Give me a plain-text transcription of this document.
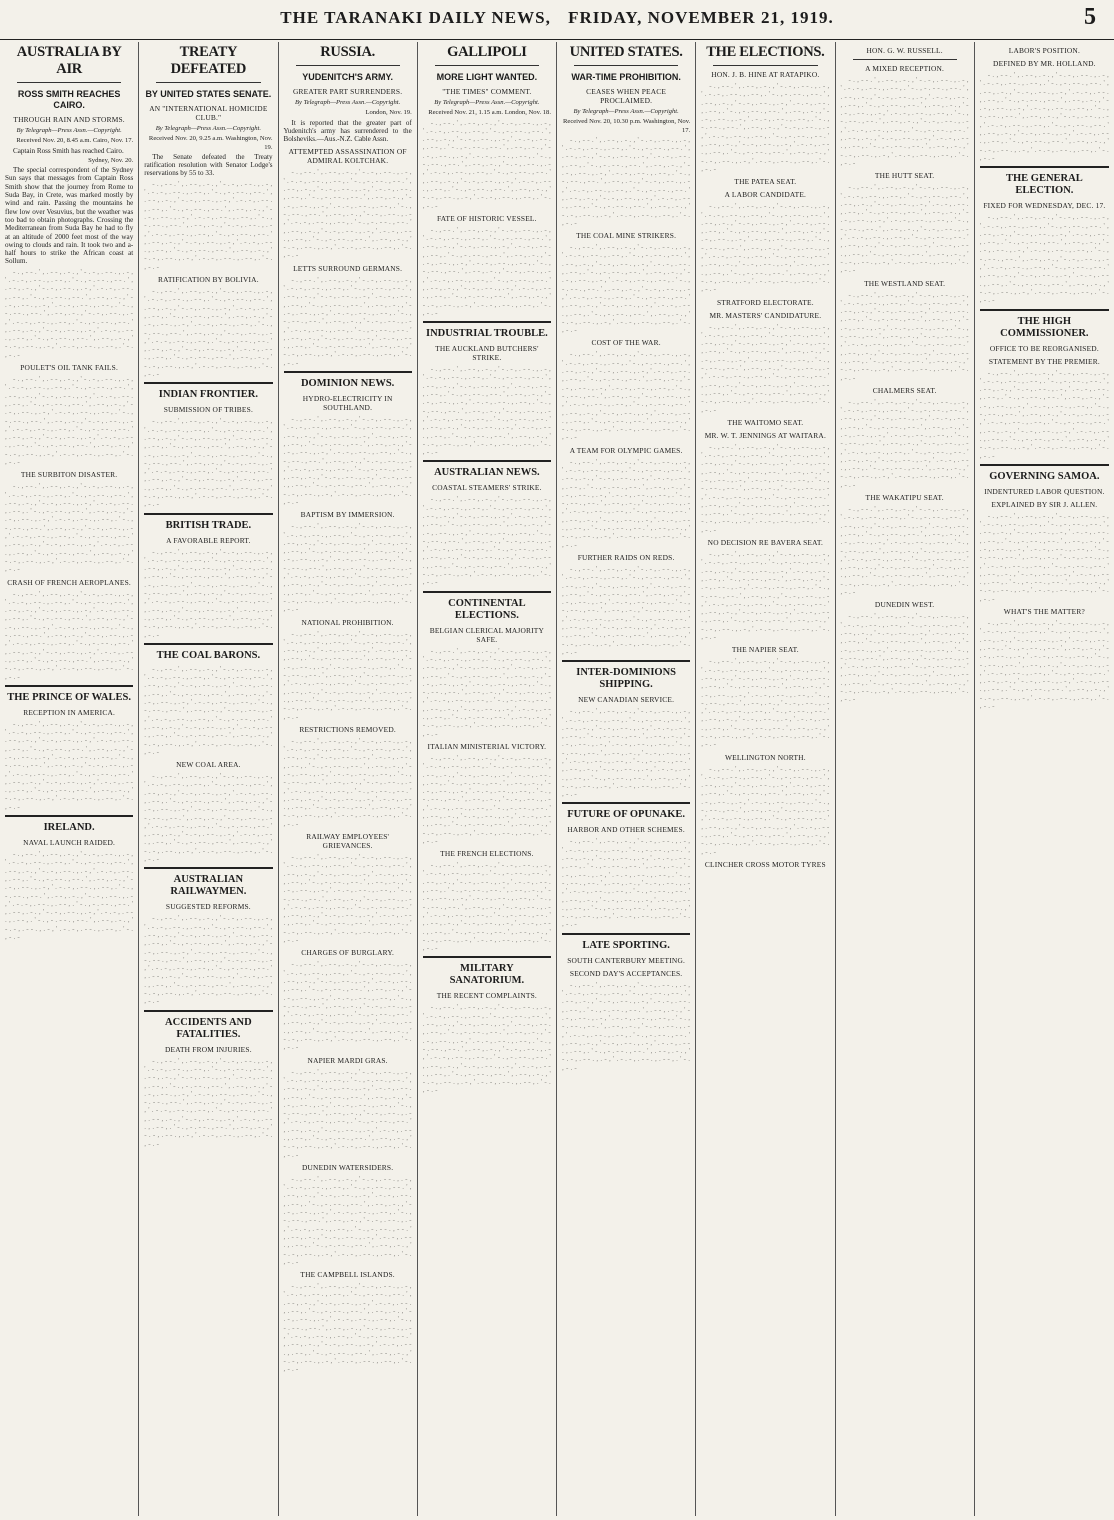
THE TARANAKI DAILY NEWS, FRIDAY, NOVEMBER 21, 1919.	5
AUSTRALIA BY AIR
ROSS SMITH REACHES CAIRO.
THROUGH RAIN AND STORMS.
By Telegraph—Press Assn.—Copyright.
Received Nov. 20, 8.45 a.m. Cairo, Nov. 17.
Captain Ross Smith has reached Cairo.
Sydney, Nov. 20.
The special correspondent of the Sydney Sun says that messages from Captain Ross Smith show that the journey from Rome to Suda Bay, in Crete, was marked mostly by wind and rain. Passing the mountains he flew low over Vesuvius, but the weather was too bad to obtain photographs. Crossing the Mediterranean from Suda Bay he had to fly at an altitude of 2000 feet most of the way owing to clouds and rain. It took two and a-half hours to strike the African coast at Sollum.
- . , - - . ' , . - - , . - . , ' - . - , . - - . , . - , ' . - . - , . - - . , . - - , . ' - . , - . - - . , - - . ' , . - - , . - . , ' - . - , . - - . , . - , ' . - . - , . - - . , . - - , . ' - . , - . - - . , - - . ' , . - - , . - . , ' - . - , . - - . , . - , ' . - . - , . - - . , . - - , . ' - . , - . - - . , - - . ' , . - - , . - . , ' - . - , . - - . , . - , ' . - . - , . - - . , . - - , . ' - . , - . - - . , - - . ' , . - - , . - . , ' - . - , . - - . , . - , ' . - . - , . - - . , . - - , . ' - . , - . - - . , - - . ' , . - - , . - . , ' - . - , . - - . , . - , ' . - . - , . - - . , . - - , . ' - . , - . -
POULET'S OIL TANK FAILS.
- . , - - . ' , . - - , . - . , ' - . - , . - - . , . - , ' . - . - , . - - . , . - - , . ' - . , - . - - . , - - . ' , . - - , . - . , ' - . - , . - - . , . - , ' . - . - , . - - . , . - - , . ' - . , - . - - . , - - . ' , . - - , . - . , ' - . - , . - - . , . - , ' . - . - , . - - . , . - - , . ' - . , - . - - . , - - . ' , . - - , . - . , ' - . - , . - - . , . - , ' . - . - , . - - . , . - - , . ' - . , - . - - . , - - . ' , . - - , . - . , ' - . - , . - - . , . - , ' . - . - , . - - . , . - - , . ' - . , - . - - . , - - . ' , . - - , . - . , ' - . - , . - - . , . - , ' . - . - , . - - . , . - - , . ' - . , - . -
THE SURBITON DISASTER.
- . , - - . ' , . - - , . - . , ' - . - , . - - . , . - , ' . - . - , . - - . , . - - , . ' - . , - . - - . , - - . ' , . - - , . - . , ' - . - , . - - . , . - , ' . - . - , . - - . , . - - , . ' - . , - . - - . , - - . ' , . - - , . - . , ' - . - , . - - . , . - , ' . - . - , . - - . , . - - , . ' - . , - . - - . , - - . ' , . - - , . - . , ' - . - , . - - . , . - , ' . - . - , . - - . , . - - , . ' - . , - . - - . , - - . ' , . - - , . - . , ' - . - , . - - . , . - , ' . - . - , . - - . , . - - , . ' - . , - . - - . , - - . ' , . - - , . - . , ' - . - , . - - . , . - , ' . - . - , . - - . , . - - , . ' - . , - . -
CRASH OF FRENCH AEROPLANES.
- . , - - . ' , . - - , . - . , ' - . - , . - - . , . - , ' . - . - , . - - . , . - - , . ' - . , - . - - . , - - . ' , . - - , . - . , ' - . - , . - - . , . - , ' . - . - , . - - . , . - - , . ' - . , - . - - . , - - . ' , . - - , . - . , ' - . - , . - - . , . - , ' . - . - , . - - . , . - - , . ' - . , - . - - . , - - . ' , . - - , . - . , ' - . - , . - - . , . - , ' . - . - , . - - . , . - - , . ' - . , - . - - . , - - . ' , . - - , . - . , ' - . - , . - - . , . - , ' . - . - , . - - . , . - - , . ' - . , - . - - . , - - . ' , . - - , . - . , ' - . - , . - - . , . - , ' . - . - , . - - . , . - - , . ' - . , - . -
THE PRINCE OF WALES.
RECEPTION IN AMERICA.
- . , - - . ' , . - - , . - . , ' - . - , . - - . , . - , ' . - . - , . - - . , . - - , . ' - . , - . - - . , - - . ' , . - - , . - . , ' - . - , . - - . , . - , ' . - . - , . - - . , . - - , . ' - . , - . - - . , - - . ' , . - - , . - . , ' - . - , . - - . , . - , ' . - . - , . - - . , . - - , . ' - . , - . - - . , - - . ' , . - - , . - . , ' - . - , . - - . , . - , ' . - . - , . - - . , . - - , . ' - . , - . - - . , - - . ' , . - - , . - . , ' - . - , . - - . , . - , ' . - . - , . - - . , . - - , . ' - . , - . - - . , - - . ' , . - - , . - . , ' - . - , . - - . , . - , ' . - . - , . - - . , . - - , . ' - . , - . -
IRELAND.
NAVAL LAUNCH RAIDED.
- . , - - . ' , . - - , . - . , ' - . - , . - - . , . - , ' . - . - , . - - . , . - - , . ' - . , - . - - . , - - . ' , . - - , . - . , ' - . - , . - - . , . - , ' . - . - , . - - . , . - - , . ' - . , - . - - . , - - . ' , . - - , . - . , ' - . - , . - - . , . - , ' . - . - , . - - . , . - - , . ' - . , - . - - . , - - . ' , . - - , . - . , ' - . - , . - - . , . - , ' . - . - , . - - . , . - - , . ' - . , - . - - . , - - . ' , . - - , . - . , ' - . - , . - - . , . - , ' . - . - , . - - . , . - - , . ' - . , - . - - . , - - . ' , . - - , . - . , ' - . - , . - - . , . - , ' . - . - , . - - . , . - - , . ' - . , - . -
TREATY DEFEATED
BY UNITED STATES SENATE.
AN "INTERNATIONAL HOMICIDE CLUB."
By Telegraph—Press Assn.—Copyright.
Received Nov. 20, 9.25 a.m. Washington, Nov. 19.
The Senate defeated the Treaty ratification resolution with Senator Lodge's reservations by 55 to 33.
- . , - - . ' , . - - , . - . , ' - . - , . - - . , . - , ' . - . - , . - - . , . - - , . ' - . , - . - - . , - - . ' , . - - , . - . , ' - . - , . - - . , . - , ' . - . - , . - - . , . - - , . ' - . , - . - - . , - - . ' , . - - , . - . , ' - . - , . - - . , . - , ' . - . - , . - - . , . - - , . ' - . , - . - - . , - - . ' , . - - , . - . , ' - . - , . - - . , . - , ' . - . - , . - - . , . - - , . ' - . , - . - - . , - - . ' , . - - , . - . , ' - . - , . - - . , . - , ' . - . - , . - - . , . - - , . ' - . , - . - - . , - - . ' , . - - , . - . , ' - . - , . - - . , . - , ' . - . - , . - - . , . - - , . ' - . , - . -
RATIFICATION BY BOLIVIA.
- . , - - . ' , . - - , . - . , ' - . - , . - - . , . - , ' . - . - , . - - . , . - - , . ' - . , - . - - . , - - . ' , . - - , . - . , ' - . - , . - - . , . - , ' . - . - , . - - . , . - - , . ' - . , - . - - . , - - . ' , . - - , . - . , ' - . - , . - - . , . - , ' . - . - , . - - . , . - - , . ' - . , - . - - . , - - . ' , . - - , . - . , ' - . - , . - - . , . - , ' . - . - , . - - . , . - - , . ' - . , - . - - . , - - . ' , . - - , . - . , ' - . - , . - - . , . - , ' . - . - , . - - . , . - - , . ' - . , - . - - . , - - . ' , . - - , . - . , ' - . - , . - - . , . - , ' . - . - , . - - . , . - - , . ' - . , - . -
INDIAN FRONTIER.
SUBMISSION OF TRIBES.
- . , - - . ' , . - - , . - . , ' - . - , . - - . , . - , ' . - . - , . - - . , . - - , . ' - . , - . - - . , - - . ' , . - - , . - . , ' - . - , . - - . , . - , ' . - . - , . - - . , . - - , . ' - . , - . - - . , - - . ' , . - - , . - . , ' - . - , . - - . , . - , ' . - . - , . - - . , . - - , . ' - . , - . - - . , - - . ' , . - - , . - . , ' - . - , . - - . , . - , ' . - . - , . - - . , . - - , . ' - . , - . - - . , - - . ' , . - - , . - . , ' - . - , . - - . , . - , ' . - . - , . - - . , . - - , . ' - . , - . - - . , - - . ' , . - - , . - . , ' - . - , . - - . , . - , ' . - . - , . - - . , . - - , . ' - . , - . -
BRITISH TRADE.
A FAVORABLE REPORT.
- . , - - . ' , . - - , . - . , ' - . - , . - - . , . - , ' . - . - , . - - . , . - - , . ' - . , - . - - . , - - . ' , . - - , . - . , ' - . - , . - - . , . - , ' . - . - , . - - . , . - - , . ' - . , - . - - . , - - . ' , . - - , . - . , ' - . - , . - - . , . - , ' . - . - , . - - . , . - - , . ' - . , - . - - . , - - . ' , . - - , . - . , ' - . - , . - - . , . - , ' . - . - , . - - . , . - - , . ' - . , - . - - . , - - . ' , . - - , . - . , ' - . - , . - - . , . - , ' . - . - , . - - . , . - - , . ' - . , - . - - . , - - . ' , . - - , . - . , ' - . - , . - - . , . - , ' . - . - , . - - . , . - - , . ' - . , - . -
THE COAL BARONS.
- . , - - . ' , . - - , . - . , ' - . - , . - - . , . - , ' . - . - , . - - . , . - - , . ' - . , - . - - . , - - . ' , . - - , . - . , ' - . - , . - - . , . - , ' . - . - , . - - . , . - - , . ' - . , - . - - . , - - . ' , . - - , . - . , ' - . - , . - - . , . - , ' . - . - , . - - . , . - - , . ' - . , - . - - . , - - . ' , . - - , . - . , ' - . - , . - - . , . - , ' . - . - , . - - . , . - - , . ' - . , - . - - . , - - . ' , . - - , . - . , ' - . - , . - - . , . - , ' . - . - , . - - . , . - - , . ' - . , - . - - . , - - . ' , . - - , . - . , ' - . - , . - - . , . - , ' . - . - , . - - . , . - - , . ' - . , - . -
NEW COAL AREA.
- . , - - . ' , . - - , . - . , ' - . - , . - - . , . - , ' . - . - , . - - . , . - - , . ' - . , - . - - . , - - . ' , . - - , . - . , ' - . - , . - - . , . - , ' . - . - , . - - . , . - - , . ' - . , - . - - . , - - . ' , . - - , . - . , ' - . - , . - - . , . - , ' . - . - , . - - . , . - - , . ' - . , - . - - . , - - . ' , . - - , . - . , ' - . - , . - - . , . - , ' . - . - , . - - . , . - - , . ' - . , - . - - . , - - . ' , . - - , . - . , ' - . - , . - - . , . - , ' . - . - , . - - . , . - - , . ' - . , - . - - . , - - . ' , . - - , . - . , ' - . - , . - - . , . - , ' . - . - , . - - . , . - - , . ' - . , - . -
AUSTRALIAN RAILWAYMEN.
SUGGESTED REFORMS.
- . , - - . ' , . - - , . - . , ' - . - , . - - . , . - , ' . - . - , . - - . , . - - , . ' - . , - . - - . , - - . ' , . - - , . - . , ' - . - , . - - . , . - , ' . - . - , . - - . , . - - , . ' - . , - . - - . , - - . ' , . - - , . - . , ' - . - , . - - . , . - , ' . - . - , . - - . , . - - , . ' - . , - . - - . , - - . ' , . - - , . - . , ' - . - , . - - . , . - , ' . - . - , . - - . , . - - , . ' - . , - . - - . , - - . ' , . - - , . - . , ' - . - , . - - . , . - , ' . - . - , . - - . , . - - , . ' - . , - . - - . , - - . ' , . - - , . - . , ' - . - , . - - . , . - , ' . - . - , . - - . , . - - , . ' - . , - . -
ACCIDENTS AND FATALITIES.
DEATH FROM INJURIES.
- . , - - . ' , . - - , . - . , ' - . - , . - - . , . - , ' . - . - , . - - . , . - - , . ' - . , - . - - . , - - . ' , . - - , . - . , ' - . - , . - - . , . - , ' . - . - , . - - . , . - - , . ' - . , - . - - . , - - . ' , . - - , . - . , ' - . - , . - - . , . - , ' . - . - , . - - . , . - - , . ' - . , - . - - . , - - . ' , . - - , . - . , ' - . - , . - - . , . - , ' . - . - , . - - . , . - - , . ' - . , - . - - . , - - . ' , . - - , . - . , ' - . - , . - - . , . - , ' . - . - , . - - . , . - - , . ' - . , - . - - . , - - . ' , . - - , . - . , ' - . - , . - - . , . - , ' . - . - , . - - . , . - - , . ' - . , - . -
RUSSIA.
YUDENITCH'S ARMY.
GREATER PART SURRENDERS.
By Telegraph—Press Assn.—Copyright.
London, Nov. 19.
It is reported that the greater part of Yudenitch's army has surrendered to the Bolsheviks.—Aus.-N.Z. Cable Assn.
ATTEMPTED ASSASSINATION OF ADMIRAL KOLTCHAK.
- . , - - . ' , . - - , . - . , ' - . - , . - - . , . - , ' . - . - , . - - . , . - - , . ' - . , - . - - . , - - . ' , . - - , . - . , ' - . - , . - - . , . - , ' . - . - , . - - . , . - - , . ' - . , - . - - . , - - . ' , . - - , . - . , ' - . - , . - - . , . - , ' . - . - , . - - . , . - - , . ' - . , - . - - . , - - . ' , . - - , . - . , ' - . - , . - - . , . - , ' . - . - , . - - . , . - - , . ' - . , - . - - . , - - . ' , . - - , . - . , ' - . - , . - - . , . - , ' . - . - , . - - . , . - - , . ' - . , - . - - . , - - . ' , . - - , . - . , ' - . - , . - - . , . - , ' . - . - , . - - . , . - - , . ' - . , - . -
LETTS SURROUND GERMANS.
- . , - - . ' , . - - , . - . , ' - . - , . - - . , . - , ' . - . - , . - - . , . - - , . ' - . , - . - - . , - - . ' , . - - , . - . , ' - . - , . - - . , . - , ' . - . - , . - - . , . - - , . ' - . , - . - - . , - - . ' , . - - , . - . , ' - . - , . - - . , . - , ' . - . - , . - - . , . - - , . ' - . , - . - - . , - - . ' , . - - , . - . , ' - . - , . - - . , . - , ' . - . - , . - - . , . - - , . ' - . , - . - - . , - - . ' , . - - , . - . , ' - . - , . - - . , . - , ' . - . - , . - - . , . - - , . ' - . , - . - - . , - - . ' , . - - , . - . , ' - . - , . - - . , . - , ' . - . - , . - - . , . - - , . ' - . , - . -
DOMINION NEWS.
HYDRO-ELECTRICITY IN SOUTHLAND.
- . , - - . ' , . - - , . - . , ' - . - , . - - . , . - , ' . - . - , . - - . , . - - , . ' - . , - . - - . , - - . ' , . - - , . - . , ' - . - , . - - . , . - , ' . - . - , . - - . , . - - , . ' - . , - . - - . , - - . ' , . - - , . - . , ' - . - , . - - . , . - , ' . - . - , . - - . , . - - , . ' - . , - . - - . , - - . ' , . - - , . - . , ' - . - , . - - . , . - , ' . - . - , . - - . , . - - , . ' - . , - . - - . , - - . ' , . - - , . - . , ' - . - , . - - . , . - , ' . - . - , . - - . , . - - , . ' - . , - . - - . , - - . ' , . - - , . - . , ' - . - , . - - . , . - , ' . - . - , . - - . , . - - , . ' - . , - . -
BAPTISM BY IMMERSION.
- . , - - . ' , . - - , . - . , ' - . - , . - - . , . - , ' . - . - , . - - . , . - - , . ' - . , - . - - . , - - . ' , . - - , . - . , ' - . - , . - - . , . - , ' . - . - , . - - . , . - - , . ' - . , - . - - . , - - . ' , . - - , . - . , ' - . - , . - - . , . - , ' . - . - , . - - . , . - - , . ' - . , - . - - . , - - . ' , . - - , . - . , ' - . - , . - - . , . - , ' . - . - , . - - . , . - - , . ' - . , - . - - . , - - . ' , . - - , . - . , ' - . - , . - - . , . - , ' . - . - , . - - . , . - - , . ' - . , - . - - . , - - . ' , . - - , . - . , ' - . - , . - - . , . - , ' . - . - , . - - . , . - - , . ' - . , - . -
NATIONAL PROHIBITION.
- . , - - . ' , . - - , . - . , ' - . - , . - - . , . - , ' . - . - , . - - . , . - - , . ' - . , - . - - . , - - . ' , . - - , . - . , ' - . - , . - - . , . - , ' . - . - , . - - . , . - - , . ' - . , - . - - . , - - . ' , . - - , . - . , ' - . - , . - - . , . - , ' . - . - , . - - . , . - - , . ' - . , - . - - . , - - . ' , . - - , . - . , ' - . - , . - - . , . - , ' . - . - , . - - . , . - - , . ' - . , - . - - . , - - . ' , . - - , . - . , ' - . - , . - - . , . - , ' . - . - , . - - . , . - - , . ' - . , - . - - . , - - . ' , . - - , . - . , ' - . - , . - - . , . - , ' . - . - , . - - . , . - - , . ' - . , - . -
RESTRICTIONS REMOVED.
- . , - - . ' , . - - , . - . , ' - . - , . - - . , . - , ' . - . - , . - - . , . - - , . ' - . , - . - - . , - - . ' , . - - , . - . , ' - . - , . - - . , . - , ' . - . - , . - - . , . - - , . ' - . , - . - - . , - - . ' , . - - , . - . , ' - . - , . - - . , . - , ' . - . - , . - - . , . - - , . ' - . , - . - - . , - - . ' , . - - , . - . , ' - . - , . - - . , . - , ' . - . - , . - - . , . - - , . ' - . , - . - - . , - - . ' , . - - , . - . , ' - . - , . - - . , . - , ' . - . - , . - - . , . - - , . ' - . , - . - - . , - - . ' , . - - , . - . , ' - . - , . - - . , . - , ' . - . - , . - - . , . - - , . ' - . , - . -
RAILWAY EMPLOYEES' GRIEVANCES.
- . , - - . ' , . - - , . - . , ' - . - , . - - . , . - , ' . - . - , . - - . , . - - , . ' - . , - . - - . , - - . ' , . - - , . - . , ' - . - , . - - . , . - , ' . - . - , . - - . , . - - , . ' - . , - . - - . , - - . ' , . - - , . - . , ' - . - , . - - . , . - , ' . - . - , . - - . , . - - , . ' - . , - . - - . , - - . ' , . - - , . - . , ' - . - , . - - . , . - , ' . - . - , . - - . , . - - , . ' - . , - . - - . , - - . ' , . - - , . - . , ' - . - , . - - . , . - , ' . - . - , . - - . , . - - , . ' - . , - . - - . , - - . ' , . - - , . - . , ' - . - , . - - . , . - , ' . - . - , . - - . , . - - , . ' - . , - . -
CHARGES OF BURGLARY.
- . , - - . ' , . - - , . - . , ' - . - , . - - . , . - , ' . - . - , . - - . , . - - , . ' - . , - . - - . , - - . ' , . - - , . - . , ' - . - , . - - . , . - , ' . - . - , . - - . , . - - , . ' - . , - . - - . , - - . ' , . - - , . - . , ' - . - , . - - . , . - , ' . - . - , . - - . , . - - , . ' - . , - . - - . , - - . ' , . - - , . - . , ' - . - , . - - . , . - , ' . - . - , . - - . , . - - , . ' - . , - . - - . , - - . ' , . - - , . - . , ' - . - , . - - . , . - , ' . - . - , . - - . , . - - , . ' - . , - . - - . , - - . ' , . - - , . - . , ' - . - , . - - . , . - , ' . - . - , . - - . , . - - , . ' - . , - . -
NAPIER MARDI GRAS.
- . , - - . ' , . - - , . - . , ' - . - , . - - . , . - , ' . - . - , . - - . , . - - , . ' - . , - . - - . , - - . ' , . - - , . - . , ' - . - , . - - . , . - , ' . - . - , . - - . , . - - , . ' - . , - . - - . , - - . ' , . - - , . - . , ' - . - , . - - . , . - , ' . - . - , . - - . , . - - , . ' - . , - . - - . , - - . ' , . - - , . - . , ' - . - , . - - . , . - , ' . - . - , . - - . , . - - , . ' - . , - . - - . , - - . ' , . - - , . - . , ' - . - , . - - . , . - , ' . - . - , . - - . , . - - , . ' - . , - . - - . , - - . ' , . - - , . - . , ' - . - , . - - . , . - , ' . - . - , . - - . , . - - , . ' - . , - . -
DUNEDIN WATERSIDERS.
- . , - - . ' , . - - , . - . , ' - . - , . - - . , . - , ' . - . - , . - - . , . - - , . ' - . , - . - - . , - - . ' , . - - , . - . , ' - . - , . - - . , . - , ' . - . - , . - - . , . - - , . ' - . , - . - - . , - - . ' , . - - , . - . , ' - . - , . - - . , . - , ' . - . - , . - - . , . - - , . ' - . , - . - - . , - - . ' , . - - , . - . , ' - . - , . - - . , . - , ' . - . - , . - - . , . - - , . ' - . , - . - - . , - - . ' , . - - , . - . , ' - . - , . - - . , . - , ' . - . - , . - - . , . - - , . ' - . , - . - - . , - - . ' , . - - , . - . , ' - . - , . - - . , . - , ' . - . - , . - - . , . - - , . ' - . , - . -
THE CAMPBELL ISLANDS.
- . , - - . ' , . - - , . - . , ' - . - , . - - . , . - , ' . - . - , . - - . , . - - , . ' - . , - . - - . , - - . ' , . - - , . - . , ' - . - , . - - . , . - , ' . - . - , . - - . , . - - , . ' - . , - . - - . , - - . ' , . - - , . - . , ' - . - , . - - . , . - , ' . - . - , . - - . , . - - , . ' - . , - . - - . , - - . ' , . - - , . - . , ' - . - , . - - . , . - , ' . - . - , . - - . , . - - , . ' - . , - . - - . , - - . ' , . - - , . - . , ' - . - , . - - . , . - , ' . - . - , . - - . , . - - , . ' - . , - . - - . , - - . ' , . - - , . - . , ' - . - , . - - . , . - , ' . - . - , . - - . , . - - , . ' - . , - . -
GALLIPOLI
MORE LIGHT WANTED.
"THE TIMES" COMMENT.
By Telegraph—Press Assn.—Copyright.
Received Nov. 21, 1.15 a.m. London, Nov. 18.
- . , - - . ' , . - - , . - . , ' - . - , . - - . , . - , ' . - . - , . - - . , . - - , . ' - . , - . - - . , - - . ' , . - - , . - . , ' - . - , . - - . , . - , ' . - . - , . - - . , . - - , . ' - . , - . - - . , - - . ' , . - - , . - . , ' - . - , . - - . , . - , ' . - . - , . - - . , . - - , . ' - . , - . - - . , - - . ' , . - - , . - . , ' - . - , . - - . , . - , ' . - . - , . - - . , . - - , . ' - . , - . - - . , - - . ' , . - - , . - . , ' - . - , . - - . , . - , ' . - . - , . - - . , . - - , . ' - . , - . - - . , - - . ' , . - - , . - . , ' - . - , . - - . , . - , ' . - . - , . - - . , . - - , . ' - . , - . -
FATE OF HISTORIC VESSEL.
- . , - - . ' , . - - , . - . , ' - . - , . - - . , . - , ' . - . - , . - - . , . - - , . ' - . , - . - - . , - - . ' , . - - , . - . , ' - . - , . - - . , . - , ' . - . - , . - - . , . - - , . ' - . , - . - - . , - - . ' , . - - , . - . , ' - . - , . - - . , . - , ' . - . - , . - - . , . - - , . ' - . , - . - - . , - - . ' , . - - , . - . , ' - . - , . - - . , . - , ' . - . - , . - - . , . - - , . ' - . , - . - - . , - - . ' , . - - , . - . , ' - . - , . - - . , . - , ' . - . - , . - - . , . - - , . ' - . , - . - - . , - - . ' , . - - , . - . , ' - . - , . - - . , . - , ' . - . - , . - - . , . - - , . ' - . , - . -
INDUSTRIAL TROUBLE.
THE AUCKLAND BUTCHERS' STRIKE.
- . , - - . ' , . - - , . - . , ' - . - , . - - . , . - , ' . - . - , . - - . , . - - , . ' - . , - . - - . , - - . ' , . - - , . - . , ' - . - , . - - . , . - , ' . - . - , . - - . , . - - , . ' - . , - . - - . , - - . ' , . - - , . - . , ' - . - , . - - . , . - , ' . - . - , . - - . , . - - , . ' - . , - . - - . , - - . ' , . - - , . - . , ' - . - , . - - . , . - , ' . - . - , . - - . , . - - , . ' - . , - . - - . , - - . ' , . - - , . - . , ' - . - , . - - . , . - , ' . - . - , . - - . , . - - , . ' - . , - . - - . , - - . ' , . - - , . - . , ' - . - , . - - . , . - , ' . - . - , . - - . , . - - , . ' - . , - . -
AUSTRALIAN NEWS.
COASTAL STEAMERS' STRIKE.
- . , - - . ' , . - - , . - . , ' - . - , . - - . , . - , ' . - . - , . - - . , . - - , . ' - . , - . - - . , - - . ' , . - - , . - . , ' - . - , . - - . , . - , ' . - . - , . - - . , . - - , . ' - . , - . - - . , - - . ' , . - - , . - . , ' - . - , . - - . , . - , ' . - . - , . - - . , . - - , . ' - . , - . - - . , - - . ' , . - - , . - . , ' - . - , . - - . , . - , ' . - . - , . - - . , . - - , . ' - . , - . - - . , - - . ' , . - - , . - . , ' - . - , . - - . , . - , ' . - . - , . - - . , . - - , . ' - . , - . - - . , - - . ' , . - - , . - . , ' - . - , . - - . , . - , ' . - . - , . - - . , . - - , . ' - . , - . -
CONTINENTAL ELECTIONS.
BELGIAN CLERICAL MAJORITY SAFE.
- . , - - . ' , . - - , . - . , ' - . - , . - - . , . - , ' . - . - , . - - . , . - - , . ' - . , - . - - . , - - . ' , . - - , . - . , ' - . - , . - - . , . - , ' . - . - , . - - . , . - - , . ' - . , - . - - . , - - . ' , . - - , . - . , ' - . - , . - - . , . - , ' . - . - , . - - . , . - - , . ' - . , - . - - . , - - . ' , . - - , . - . , ' - . - , . - - . , . - , ' . - . - , . - - . , . - - , . ' - . , - . - - . , - - . ' , . - - , . - . , ' - . - , . - - . , . - , ' . - . - , . - - . , . - - , . ' - . , - . - - . , - - . ' , . - - , . - . , ' - . - , . - - . , . - , ' . - . - , . - - . , . - - , . ' - . , - . -
ITALIAN MINISTERIAL VICTORY.
- . , - - . ' , . - - , . - . , ' - . - , . - - . , . - , ' . - . - , . - - . , . - - , . ' - . , - . - - . , - - . ' , . - - , . - . , ' - . - , . - - . , . - , ' . - . - , . - - . , . - - , . ' - . , - . - - . , - - . ' , . - - , . - . , ' - . - , . - - . , . - , ' . - . - , . - - . , . - - , . ' - . , - . - - . , - - . ' , . - - , . - . , ' - . - , . - - . , . - , ' . - . - , . - - . , . - - , . ' - . , - . - - . , - - . ' , . - - , . - . , ' - . - , . - - . , . - , ' . - . - , . - - . , . - - , . ' - . , - . - - . , - - . ' , . - - , . - . , ' - . - , . - - . , . - , ' . - . - , . - - . , . - - , . ' - . , - . -
THE FRENCH ELECTIONS.
- . , - - . ' , . - - , . - . , ' - . - , . - - . , . - , ' . - . - , . - - . , . - - , . ' - . , - . - - . , - - . ' , . - - , . - . , ' - . - , . - - . , . - , ' . - . - , . - - . , . - - , . ' - . , - . - - . , - - . ' , . - - , . - . , ' - . - , . - - . , . - , ' . - . - , . - - . , . - - , . ' - . , - . - - . , - - . ' , . - - , . - . , ' - . - , . - - . , . - , ' . - . - , . - - . , . - - , . ' - . , - . - - . , - - . ' , . - - , . - . , ' - . - , . - - . , . - , ' . - . - , . - - . , . - - , . ' - . , - . - - . , - - . ' , . - - , . - . , ' - . - , . - - . , . - , ' . - . - , . - - . , . - - , . ' - . , - . -
MILITARY SANATORIUM.
THE RECENT COMPLAINTS.
- . , - - . ' , . - - , . - . , ' - . - , . - - . , . - , ' . - . - , . - - . , . - - , . ' - . , - . - - . , - - . ' , . - - , . - . , ' - . - , . - - . , . - , ' . - . - , . - - . , . - - , . ' - . , - . - - . , - - . ' , . - - , . - . , ' - . - , . - - . , . - , ' . - . - , . - - . , . - - , . ' - . , - . - - . , - - . ' , . - - , . - . , ' - . - , . - - . , . - , ' . - . - , . - - . , . - - , . ' - . , - . - - . , - - . ' , . - - , . - . , ' - . - , . - - . , . - , ' . - . - , . - - . , . - - , . ' - . , - . - - . , - - . ' , . - - , . - . , ' - . - , . - - . , . - , ' . - . - , . - - . , . - - , . ' - . , - . -
UNITED STATES.
WAR-TIME PROHIBITION.
CEASES WHEN PEACE PROCLAIMED.
By Telegraph—Press Assn.—Copyright.
Received Nov. 20, 10.30 p.m. Washington, Nov. 17.
- . , - - . ' , . - - , . - . , ' - . - , . - - . , . - , ' . - . - , . - - . , . - - , . ' - . , - . - - . , - - . ' , . - - , . - . , ' - . - , . - - . , . - , ' . - . - , . - - . , . - - , . ' - . , - . - - . , - - . ' , . - - , . - . , ' - . - , . - - . , . - , ' . - . - , . - - . , . - - , . ' - . , - . - - . , - - . ' , . - - , . - . , ' - . - , . - - . , . - , ' . - . - , . - - . , . - - , . ' - . , - . - - . , - - . ' , . - - , . - . , ' - . - , . - - . , . - , ' . - . - , . - - . , . - - , . ' - . , - . - - . , - - . ' , . - - , . - . , ' - . - , . - - . , . - , ' . - . - , . - - . , . - - , . ' - . , - . -
THE COAL MINE STRIKERS.
- . , - - . ' , . - - , . - . , ' - . - , . - - . , . - , ' . - . - , . - - . , . - - , . ' - . , - . - - . , - - . ' , . - - , . - . , ' - . - , . - - . , . - , ' . - . - , . - - . , . - - , . ' - . , - . - - . , - - . ' , . - - , . - . , ' - . - , . - - . , . - , ' . - . - , . - - . , . - - , . ' - . , - . - - . , - - . ' , . - - , . - . , ' - . - , . - - . , . - , ' . - . - , . - - . , . - - , . ' - . , - . - - . , - - . ' , . - - , . - . , ' - . - , . - - . , . - , ' . - . - , . - - . , . - - , . ' - . , - . - - . , - - . ' , . - - , . - . , ' - . - , . - - . , . - , ' . - . - , . - - . , . - - , . ' - . , - . -
COST OF THE WAR.
- . , - - . ' , . - - , . - . , ' - . - , . - - . , . - , ' . - . - , . - - . , . - - , . ' - . , - . - - . , - - . ' , . - - , . - . , ' - . - , . - - . , . - , ' . - . - , . - - . , . - - , . ' - . , - . - - . , - - . ' , . - - , . - . , ' - . - , . - - . , . - , ' . - . - , . - - . , . - - , . ' - . , - . - - . , - - . ' , . - - , . - . , ' - . - , . - - . , . - , ' . - . - , . - - . , . - - , . ' - . , - . - - . , - - . ' , . - - , . - . , ' - . - , . - - . , . - , ' . - . - , . - - . , . - - , . ' - . , - . - - . , - - . ' , . - - , . - . , ' - . - , . - - . , . - , ' . - . - , . - - . , . - - , . ' - . , - . -
A TEAM FOR OLYMPIC GAMES.
- . , - - . ' , . - - , . - . , ' - . - , . - - . , . - , ' . - . - , . - - . , . - - , . ' - . , - . - - . , - - . ' , . - - , . - . , ' - . - , . - - . , . - , ' . - . - , . - - . , . - - , . ' - . , - . - - . , - - . ' , . - - , . - . , ' - . - , . - - . , . - , ' . - . - , . - - . , . - - , . ' - . , - . - - . , - - . ' , . - - , . - . , ' - . - , . - - . , . - , ' . - . - , . - - . , . - - , . ' - . , - . - - . , - - . ' , . - - , . - . , ' - . - , . - - . , . - , ' . - . - , . - - . , . - - , . ' - . , - . - - . , - - . ' , . - - , . - . , ' - . - , . - - . , . - , ' . - . - , . - - . , . - - , . ' - . , - . -
FURTHER RAIDS ON REDS.
- . , - - . ' , . - - , . - . , ' - . - , . - - . , . - , ' . - . - , . - - . , . - - , . ' - . , - . - - . , - - . ' , . - - , . - . , ' - . - , . - - . , . - , ' . - . - , . - - . , . - - , . ' - . , - . - - . , - - . ' , . - - , . - . , ' - . - , . - - . , . - , ' . - . - , . - - . , . - - , . ' - . , - . - - . , - - . ' , . - - , . - . , ' - . - , . - - . , . - , ' . - . - , . - - . , . - - , . ' - . , - . - - . , - - . ' , . - - , . - . , ' - . - , . - - . , . - , ' . - . - , . - - . , . - - , . ' - . , - . - - . , - - . ' , . - - , . - . , ' - . - , . - - . , . - , ' . - . - , . - - . , . - - , . ' - . , - . -
INTER-DOMINIONS SHIPPING.
NEW CANADIAN SERVICE.
- . , - - . ' , . - - , . - . , ' - . - , . - - . , . - , ' . - . - , . - - . , . - - , . ' - . , - . - - . , - - . ' , . - - , . - . , ' - . - , . - - . , . - , ' . - . - , . - - . , . - - , . ' - . , - . - - . , - - . ' , . - - , . - . , ' - . - , . - - . , . - , ' . - . - , . - - . , . - - , . ' - . , - . - - . , - - . ' , . - - , . - . , ' - . - , . - - . , . - , ' . - . - , . - - . , . - - , . ' - . , - . - - . , - - . ' , . - - , . - . , ' - . - , . - - . , . - , ' . - . - , . - - . , . - - , . ' - . , - . - - . , - - . ' , . - - , . - . , ' - . - , . - - . , . - , ' . - . - , . - - . , . - - , . ' - . , - . -
FUTURE OF OPUNAKE.
HARBOR AND OTHER SCHEMES.
- . , - - . ' , . - - , . - . , ' - . - , . - - . , . - , ' . - . - , . - - . , . - - , . ' - . , - . - - . , - - . ' , . - - , . - . , ' - . - , . - - . , . - , ' . - . - , . - - . , . - - , . ' - . , - . - - . , - - . ' , . - - , . - . , ' - . - , . - - . , . - , ' . - . - , . - - . , . - - , . ' - . , - . - - . , - - . ' , . - - , . - . , ' - . - , . - - . , . - , ' . - . - , . - - . , . - - , . ' - . , - . - - . , - - . ' , . - - , . - . , ' - . - , . - - . , . - , ' . - . - , . - - . , . - - , . ' - . , - . - - . , - - . ' , . - - , . - . , ' - . - , . - - . , . - , ' . - . - , . - - . , . - - , . ' - . , - . -
LATE SPORTING.
SOUTH CANTERBURY MEETING.
SECOND DAY'S ACCEPTANCES.
- . , - - . ' , . - - , . - . , ' - . - , . - - . , . - , ' . - . - , . - - . , . - - , . ' - . , - . - - . , - - . ' , . - - , . - . , ' - . - , . - - . , . - , ' . - . - , . - - . , . - - , . ' - . , - . - - . , - - . ' , . - - , . - . , ' - . - , . - - . , . - , ' . - . - , . - - . , . - - , . ' - . , - . - - . , - - . ' , . - - , . - . , ' - . - , . - - . , . - , ' . - . - , . - - . , . - - , . ' - . , - . - - . , - - . ' , . - - , . - . , ' - . - , . - - . , . - , ' . - . - , . - - . , . - - , . ' - . , - . - - . , - - . ' , . - - , . - . , ' - . - , . - - . , . - , ' . - . - , . - - . , . - - , . ' - . , - . -
THE ELECTIONS.
HON. J. B. HINE AT RATAPIKO.
- . , - - . ' , . - - , . - . , ' - . - , . - - . , . - , ' . - . - , . - - . , . - - , . ' - . , - . - - . , - - . ' , . - - , . - . , ' - . - , . - - . , . - , ' . - . - , . - - . , . - - , . ' - . , - . - - . , - - . ' , . - - , . - . , ' - . - , . - - . , . - , ' . - . - , . - - . , . - - , . ' - . , - . - - . , - - . ' , . - - , . - . , ' - . - , . - - . , . - , ' . - . - , . - - . , . - - , . ' - . , - . - - . , - - . ' , . - - , . - . , ' - . - , . - - . , . - , ' . - . - , . - - . , . - - , . ' - . , - . - - . , - - . ' , . - - , . - . , ' - . - , . - - . , . - , ' . - . - , . - - . , . - - , . ' - . , - . -
THE PATEA SEAT.
A LABOR CANDIDATE.
- . , - - . ' , . - - , . - . , ' - . - , . - - . , . - , ' . - . - , . - - . , . - - , . ' - . , - . - - . , - - . ' , . - - , . - . , ' - . - , . - - . , . - , ' . - . - , . - - . , . - - , . ' - . , - . - - . , - - . ' , . - - , . - . , ' - . - , . - - . , . - , ' . - . - , . - - . , . - - , . ' - . , - . - - . , - - . ' , . - - , . - . , ' - . - , . - - . , . - , ' . - . - , . - - . , . - - , . ' - . , - . - - . , - - . ' , . - - , . - . , ' - . - , . - - . , . - , ' . - . - , . - - . , . - - , . ' - . , - . - - . , - - . ' , . - - , . - . , ' - . - , . - - . , . - , ' . - . - , . - - . , . - - , . ' - . , - . -
STRATFORD ELECTORATE.
MR. MASTERS' CANDIDATURE.
- . , - - . ' , . - - , . - . , ' - . - , . - - . , . - , ' . - . - , . - - . , . - - , . ' - . , - . - - . , - - . ' , . - - , . - . , ' - . - , . - - . , . - , ' . - . - , . - - . , . - - , . ' - . , - . - - . , - - . ' , . - - , . - . , ' - . - , . - - . , . - , ' . - . - , . - - . , . - - , . ' - . , - . - - . , - - . ' , . - - , . - . , ' - . - , . - - . , . - , ' . - . - , . - - . , . - - , . ' - . , - . - - . , - - . ' , . - - , . - . , ' - . - , . - - . , . - , ' . - . - , . - - . , . - - , . ' - . , - . - - . , - - . ' , . - - , . - . , ' - . - , . - - . , . - , ' . - . - , . - - . , . - - , . ' - . , - . -
THE WAITOMO SEAT.
MR. W. T. JENNINGS AT WAITARA.
- . , - - . ' , . - - , . - . , ' - . - , . - - . , . - , ' . - . - , . - - . , . - - , . ' - . , - . - - . , - - . ' , . - - , . - . , ' - . - , . - - . , . - , ' . - . - , . - - . , . - - , . ' - . , - . - - . , - - . ' , . - - , . - . , ' - . - , . - - . , . - , ' . - . - , . - - . , . - - , . ' - . , - . - - . , - - . ' , . - - , . - . , ' - . - , . - - . , . - , ' . - . - , . - - . , . - - , . ' - . , - . - - . , - - . ' , . - - , . - . , ' - . - , . - - . , . - , ' . - . - , . - - . , . - - , . ' - . , - . - - . , - - . ' , . - - , . - . , ' - . - , . - - . , . - , ' . - . - , . - - . , . - - , . ' - . , - . -
NO DECISION RE BAVERA SEAT.
- . , - - . ' , . - - , . - . , ' - . - , . - - . , . - , ' . - . - , . - - . , . - - , . ' - . , - . - - . , - - . ' , . - - , . - . , ' - . - , . - - . , . - , ' . - . - , . - - . , . - - , . ' - . , - . - - . , - - . ' , . - - , . - . , ' - . - , . - - . , . - , ' . - . - , . - - . , . - - , . ' - . , - . - - . , - - . ' , . - - , . - . , ' - . - , . - - . , . - , ' . - . - , . - - . , . - - , . ' - . , - . - - . , - - . ' , . - - , . - . , ' - . - , . - - . , . - , ' . - . - , . - - . , . - - , . ' - . , - . - - . , - - . ' , . - - , . - . , ' - . - , . - - . , . - , ' . - . - , . - - . , . - - , . ' - . , - . -
THE NAPIER SEAT.
- . , - - . ' , . - - , . - . , ' - . - , . - - . , . - , ' . - . - , . - - . , . - - , . ' - . , - . - - . , - - . ' , . - - , . - . , ' - . - , . - - . , . - , ' . - . - , . - - . , . - - , . ' - . , - . - - . , - - . ' , . - - , . - . , ' - . - , . - - . , . - , ' . - . - , . - - . , . - - , . ' - . , - . - - . , - - . ' , . - - , . - . , ' - . - , . - - . , . - , ' . - . - , . - - . , . - - , . ' - . , - . - - . , - - . ' , . - - , . - . , ' - . - , . - - . , . - , ' . - . - , . - - . , . - - , . ' - . , - . - - . , - - . ' , . - - , . - . , ' - . - , . - - . , . - , ' . - . - , . - - . , . - - , . ' - . , - . -
WELLINGTON NORTH.
- . , - - . ' , . - - , . - . , ' - . - , . - - . , . - , ' . - . - , . - - . , . - - , . ' - . , - . - - . , - - . ' , . - - , . - . , ' - . - , . - - . , . - , ' . - . - , . - - . , . - - , . ' - . , - . - - . , - - . ' , . - - , . - . , ' - . - , . - - . , . - , ' . - . - , . - - . , . - - , . ' - . , - . - - . , - - . ' , . - - , . - . , ' - . - , . - - . , . - , ' . - . - , . - - . , . - - , . ' - . , - . - - . , - - . ' , . - - , . - . , ' - . - , . - - . , . - , ' . - . - , . - - . , . - - , . ' - . , - . - - . , - - . ' , . - - , . - . , ' - . - , . - - . , . - , ' . - . - , . - - . , . - - , . ' - . , - . -
CLINCHER CROSS MOTOR TYRES
HON. G. W. RUSSELL.
A MIXED RECEPTION.
- . , - - . ' , . - - , . - . , ' - . - , . - - . , . - , ' . - . - , . - - . , . - - , . ' - . , - . - - . , - - . ' , . - - , . - . , ' - . - , . - - . , . - , ' . - . - , . - - . , . - - , . ' - . , - . - - . , - - . ' , . - - , . - . , ' - . - , . - - . , . - , ' . - . - , . - - . , . - - , . ' - . , - . - - . , - - . ' , . - - , . - . , ' - . - , . - - . , . - , ' . - . - , . - - . , . - - , . ' - . , - . - - . , - - . ' , . - - , . - . , ' - . - , . - - . , . - , ' . - . - , . - - . , . - - , . ' - . , - . - - . , - - . ' , . - - , . - . , ' - . - , . - - . , . - , ' . - . - , . - - . , . - - , . ' - . , - . -
THE HUTT SEAT.
- . , - - . ' , . - - , . - . , ' - . - , . - - . , . - , ' . - . - , . - - . , . - - , . ' - . , - . - - . , - - . ' , . - - , . - . , ' - . - , . - - . , . - , ' . - . - , . - - . , . - - , . ' - . , - . - - . , - - . ' , . - - , . - . , ' - . - , . - - . , . - , ' . - . - , . - - . , . - - , . ' - . , - . - - . , - - . ' , . - - , . - . , ' - . - , . - - . , . - , ' . - . - , . - - . , . - - , . ' - . , - . - - . , - - . ' , . - - , . - . , ' - . - , . - - . , . - , ' . - . - , . - - . , . - - , . ' - . , - . - - . , - - . ' , . - - , . - . , ' - . - , . - - . , . - , ' . - . - , . - - . , . - - , . ' - . , - . -
THE WESTLAND SEAT.
- . , - - . ' , . - - , . - . , ' - . - , . - - . , . - , ' . - . - , . - - . , . - - , . ' - . , - . - - . , - - . ' , . - - , . - . , ' - . - , . - - . , . - , ' . - . - , . - - . , . - - , . ' - . , - . - - . , - - . ' , . - - , . - . , ' - . - , . - - . , . - , ' . - . - , . - - . , . - - , . ' - . , - . - - . , - - . ' , . - - , . - . , ' - . - , . - - . , . - , ' . - . - , . - - . , . - - , . ' - . , - . - - . , - - . ' , . - - , . - . , ' - . - , . - - . , . - , ' . - . - , . - - . , . - - , . ' - . , - . - - . , - - . ' , . - - , . - . , ' - . - , . - - . , . - , ' . - . - , . - - . , . - - , . ' - . , - . -
CHALMERS SEAT.
- . , - - . ' , . - - , . - . , ' - . - , . - - . , . - , ' . - . - , . - - . , . - - , . ' - . , - . - - . , - - . ' , . - - , . - . , ' - . - , . - - . , . - , ' . - . - , . - - . , . - - , . ' - . , - . - - . , - - . ' , . - - , . - . , ' - . - , . - - . , . - , ' . - . - , . - - . , . - - , . ' - . , - . - - . , - - . ' , . - - , . - . , ' - . - , . - - . , . - , ' . - . - , . - - . , . - - , . ' - . , - . - - . , - - . ' , . - - , . - . , ' - . - , . - - . , . - , ' . - . - , . - - . , . - - , . ' - . , - . - - . , - - . ' , . - - , . - . , ' - . - , . - - . , . - , ' . - . - , . - - . , . - - , . ' - . , - . -
THE WAKATIPU SEAT.
- . , - - . ' , . - - , . - . , ' - . - , . - - . , . - , ' . - . - , . - - . , . - - , . ' - . , - . - - . , - - . ' , . - - , . - . , ' - . - , . - - . , . - , ' . - . - , . - - . , . - - , . ' - . , - . - - . , - - . ' , . - - , . - . , ' - . - , . - - . , . - , ' . - . - , . - - . , . - - , . ' - . , - . - - . , - - . ' , . - - , . - . , ' - . - , . - - . , . - , ' . - . - , . - - . , . - - , . ' - . , - . - - . , - - . ' , . - - , . - . , ' - . - , . - - . , . - , ' . - . - , . - - . , . - - , . ' - . , - . - - . , - - . ' , . - - , . - . , ' - . - , . - - . , . - , ' . - . - , . - - . , . - - , . ' - . , - . -
DUNEDIN WEST.
- . , - - . ' , . - - , . - . , ' - . - , . - - . , . - , ' . - . - , . - - . , . - - , . ' - . , - . - - . , - - . ' , . - - , . - . , ' - . - , . - - . , . - , ' . - . - , . - - . , . - - , . ' - . , - . - - . , - - . ' , . - - , . - . , ' - . - , . - - . , . - , ' . - . - , . - - . , . - - , . ' - . , - . - - . , - - . ' , . - - , . - . , ' - . - , . - - . , . - , ' . - . - , . - - . , . - - , . ' - . , - . - - . , - - . ' , . - - , . - . , ' - . - , . - - . , . - , ' . - . - , . - - . , . - - , . ' - . , - . - - . , - - . ' , . - - , . - . , ' - . - , . - - . , . - , ' . - . - , . - - . , . - - , . ' - . , - . -
LABOR'S POSITION.
DEFINED BY MR. HOLLAND.
- . , - - . ' , . - - , . - . , ' - . - , . - - . , . - , ' . - . - , . - - . , . - - , . ' - . , - . - - . , - - . ' , . - - , . - . , ' - . - , . - - . , . - , ' . - . - , . - - . , . - - , . ' - . , - . - - . , - - . ' , . - - , . - . , ' - . - , . - - . , . - , ' . - . - , . - - . , . - - , . ' - . , - . - - . , - - . ' , . - - , . - . , ' - . - , . - - . , . - , ' . - . - , . - - . , . - - , . ' - . , - . - - . , - - . ' , . - - , . - . , ' - . - , . - - . , . - , ' . - . - , . - - . , . - - , . ' - . , - . - - . , - - . ' , . - - , . - . , ' - . - , . - - . , . - , ' . - . - , . - - . , . - - , . ' - . , - . -
THE GENERAL ELECTION.
FIXED FOR WEDNESDAY, DEC. 17.
- . , - - . ' , . - - , . - . , ' - . - , . - - . , . - , ' . - . - , . - - . , . - - , . ' - . , - . - - . , - - . ' , . - - , . - . , ' - . - , . - - . , . - , ' . - . - , . - - . , . - - , . ' - . , - . - - . , - - . ' , . - - , . - . , ' - . - , . - - . , . - , ' . - . - , . - - . , . - - , . ' - . , - . - - . , - - . ' , . - - , . - . , ' - . - , . - - . , . - , ' . - . - , . - - . , . - - , . ' - . , - . - - . , - - . ' , . - - , . - . , ' - . - , . - - . , . - , ' . - . - , . - - . , . - - , . ' - . , - . - - . , - - . ' , . - - , . - . , ' - . - , . - - . , . - , ' . - . - , . - - . , . - - , . ' - . , - . -
THE HIGH COMMISSIONER.
OFFICE TO BE REORGANISED.
STATEMENT BY THE PREMIER.
- . , - - . ' , . - - , . - . , ' - . - , . - - . , . - , ' . - . - , . - - . , . - - , . ' - . , - . - - . , - - . ' , . - - , . - . , ' - . - , . - - . , . - , ' . - . - , . - - . , . - - , . ' - . , - . - - . , - - . ' , . - - , . - . , ' - . - , . - - . , . - , ' . - . - , . - - . , . - - , . ' - . , - . - - . , - - . ' , . - - , . - . , ' - . - , . - - . , . - , ' . - . - , . - - . , . - - , . ' - . , - . - - . , - - . ' , . - - , . - . , ' - . - , . - - . , . - , ' . - . - , . - - . , . - - , . ' - . , - . - - . , - - . ' , . - - , . - . , ' - . - , . - - . , . - , ' . - . - , . - - . , . - - , . ' - . , - . -
GOVERNING SAMOA.
INDENTURED LABOR QUESTION.
EXPLAINED BY SIR J. ALLEN.
- . , - - . ' , . - - , . - . , ' - . - , . - - . , . - , ' . - . - , . - - . , . - - , . ' - . , - . - - . , - - . ' , . - - , . - . , ' - . - , . - - . , . - , ' . - . - , . - - . , . - - , . ' - . , - . - - . , - - . ' , . - - , . - . , ' - . - , . - - . , . - , ' . - . - , . - - . , . - - , . ' - . , - . - - . , - - . ' , . - - , . - . , ' - . - , . - - . , . - , ' . - . - , . - - . , . - - , . ' - . , - . - - . , - - . ' , . - - , . - . , ' - . - , . - - . , . - , ' . - . - , . - - . , . - - , . ' - . , - . - - . , - - . ' , . - - , . - . , ' - . - , . - - . , . - , ' . - . - , . - - . , . - - , . ' - . , - . -
WHAT'S THE MATTER?
- . , - - . ' , . - - , . - . , ' - . - , . - - . , . - , ' . - . - , . - - . , . - - , . ' - . , - . - - . , - - . ' , . - - , . - . , ' - . - , . - - . , . - , ' . - . - , . - - . , . - - , . ' - . , - . - - . , - - . ' , . - - , . - . , ' - . - , . - - . , . - , ' . - . - , . - - . , . - - , . ' - . , - . - - . , - - . ' , . - - , . - . , ' - . - , . - - . , . - , ' . - . - , . - - . , . - - , . ' - . , - . - - . , - - . ' , . - - , . - . , ' - . - , . - - . , . - , ' . - . - , . - - . , . - - , . ' - . , - . - - . , - - . ' , . - - , . - . , ' - . - , . - - . , . - , ' . - . - , . - - . , . - - , . ' - . , - . -
